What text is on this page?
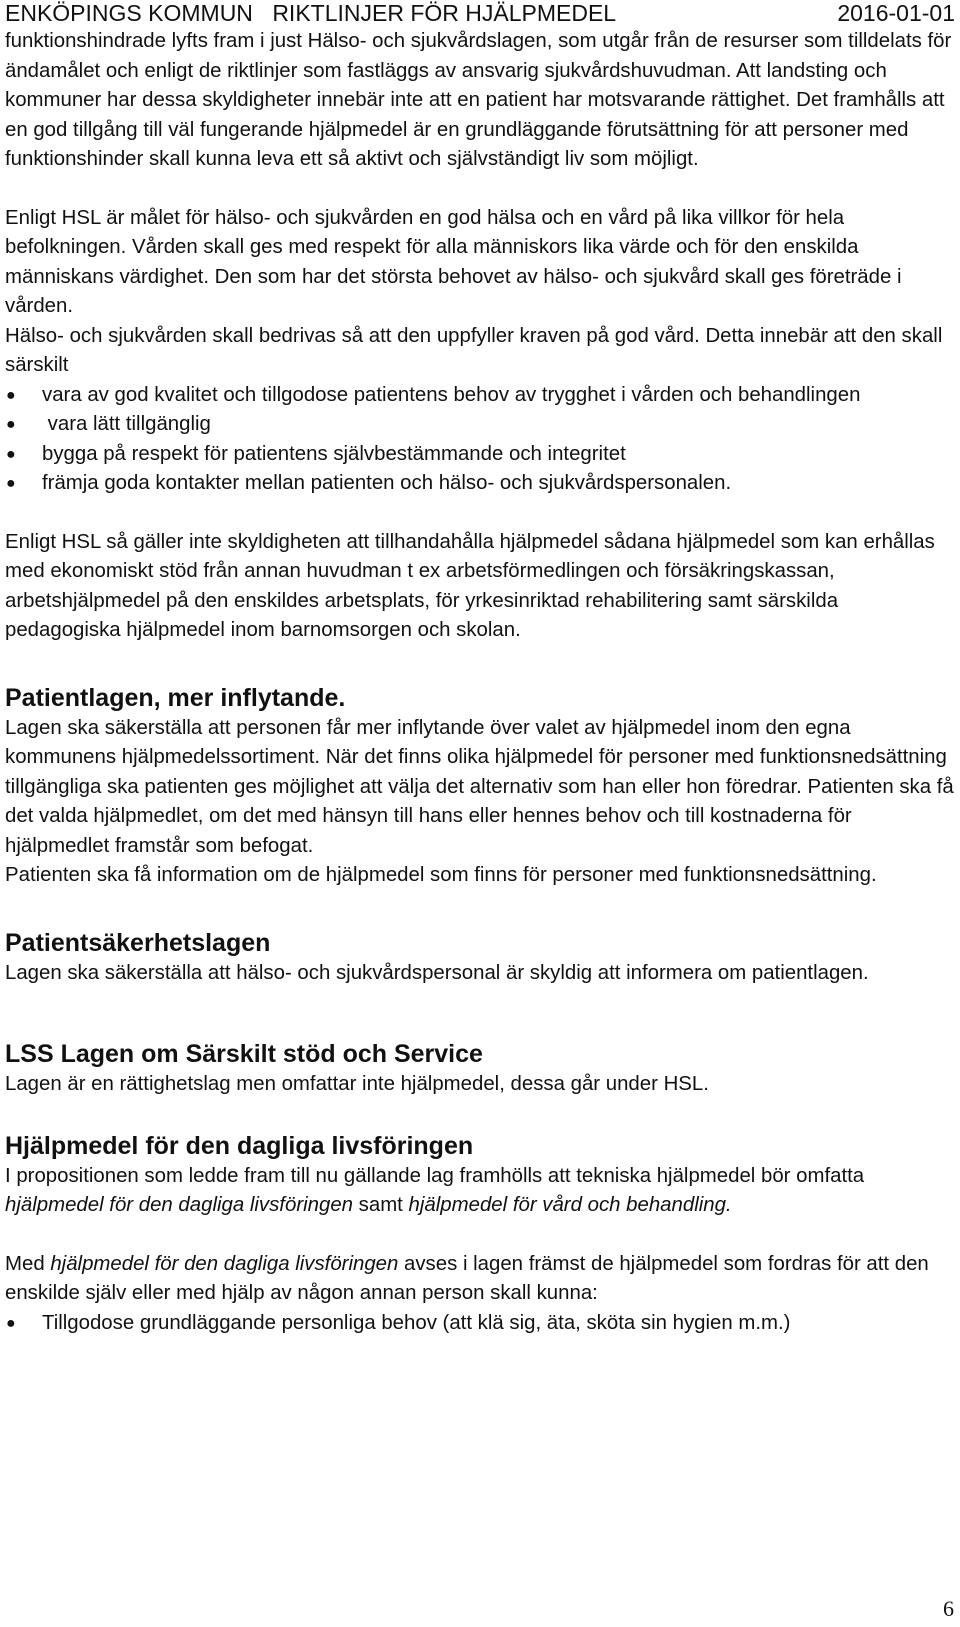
ENKÖPINGS KOMMUN RIKTLINJER FÖR HJÄLPMEDEL	2016-01-01

funktionshindrade lyfts fram i just Hälso- och sjukvårdslagen, som utgår från de resurser som tilldelats för ändamålet och enligt de riktlinjer som fastläggs av ansvarig sjukvårdshuvudman. Att landsting och kommuner har dessa skyldigheter innebär inte att en patient har motsvarande rättighet. Det framhålls att en god tillgång till väl fungerande hjälpmedel är en grundläggande förutsättning för att personer med funktionshinder skall kunna leva ett så aktivt och självständigt liv som möjligt.

Enligt HSL är målet för hälso- och sjukvården en god hälsa och en vård på lika villkor för hela befolkningen. Vården skall ges med respekt för alla människors lika värde och för den enskilda människans värdighet. Den som har det största behovet av hälso- och sjukvård skall ges företräde i vården.

Hälso- och sjukvården skall bedrivas så att den uppfyller kraven på god vård. Detta innebär att den skall särskilt

● vara av god kvalitet och tillgodose patientens behov av trygghet i vården och behandlingen
● vara lätt tillgänglig
● bygga på respekt för patientens självbestämmande och integritet
● främja goda kontakter mellan patienten och hälso- och sjukvårdspersonalen.

Enligt HSL så gäller inte skyldigheten att tillhandahålla hjälpmedel sådana hjälpmedel som kan erhållas med ekonomiskt stöd från annan huvudman t ex arbetsförmedlingen och försäkringskassan, arbetshjälpmedel på den enskildes arbetsplats, för yrkesinriktad rehabilitering samt särskilda pedagogiska hjälpmedel inom barnomsorgen och skolan.

Patientlagen, mer inflytande.

Lagen ska säkerställa att personen får mer inflytande över valet av hjälpmedel inom den egna kommunens hjälpmedelssortiment. När det finns olika hjälpmedel för personer med funktionsnedsättning tillgängliga ska patienten ges möjlighet att välja det alternativ som han eller hon föredrar. Patienten ska få det valda hjälpmedlet, om det med hänsyn till hans eller hennes behov och till kostnaderna för hjälpmedlet framstår som befogat.

Patienten ska få information om de hjälpmedel som finns för personer med funktionsnedsättning.

Patientsäkerhetslagen

Lagen ska säkerställa att hälso- och sjukvårdspersonal är skyldig att informera om patientlagen.

LSS Lagen om Särskilt stöd och Service

Lagen är en rättighetslag men omfattar inte hjälpmedel, dessa går under HSL.

Hjälpmedel för den dagliga livsföringen

I propositionen som ledde fram till nu gällande lag framhölls att tekniska hjälpmedel bör omfatta hjälpmedel för den dagliga livsföringen samt hjälpmedel för vård och behandling.

Med hjälpmedel för den dagliga livsföringen avses i lagen främst de hjälpmedel som fordras för att den enskilde själv eller med hjälp av någon annan person skall kunna:

● Tillgodose grundläggande personliga behov (att klä sig, äta, sköta sin hygien m.m.)
6
